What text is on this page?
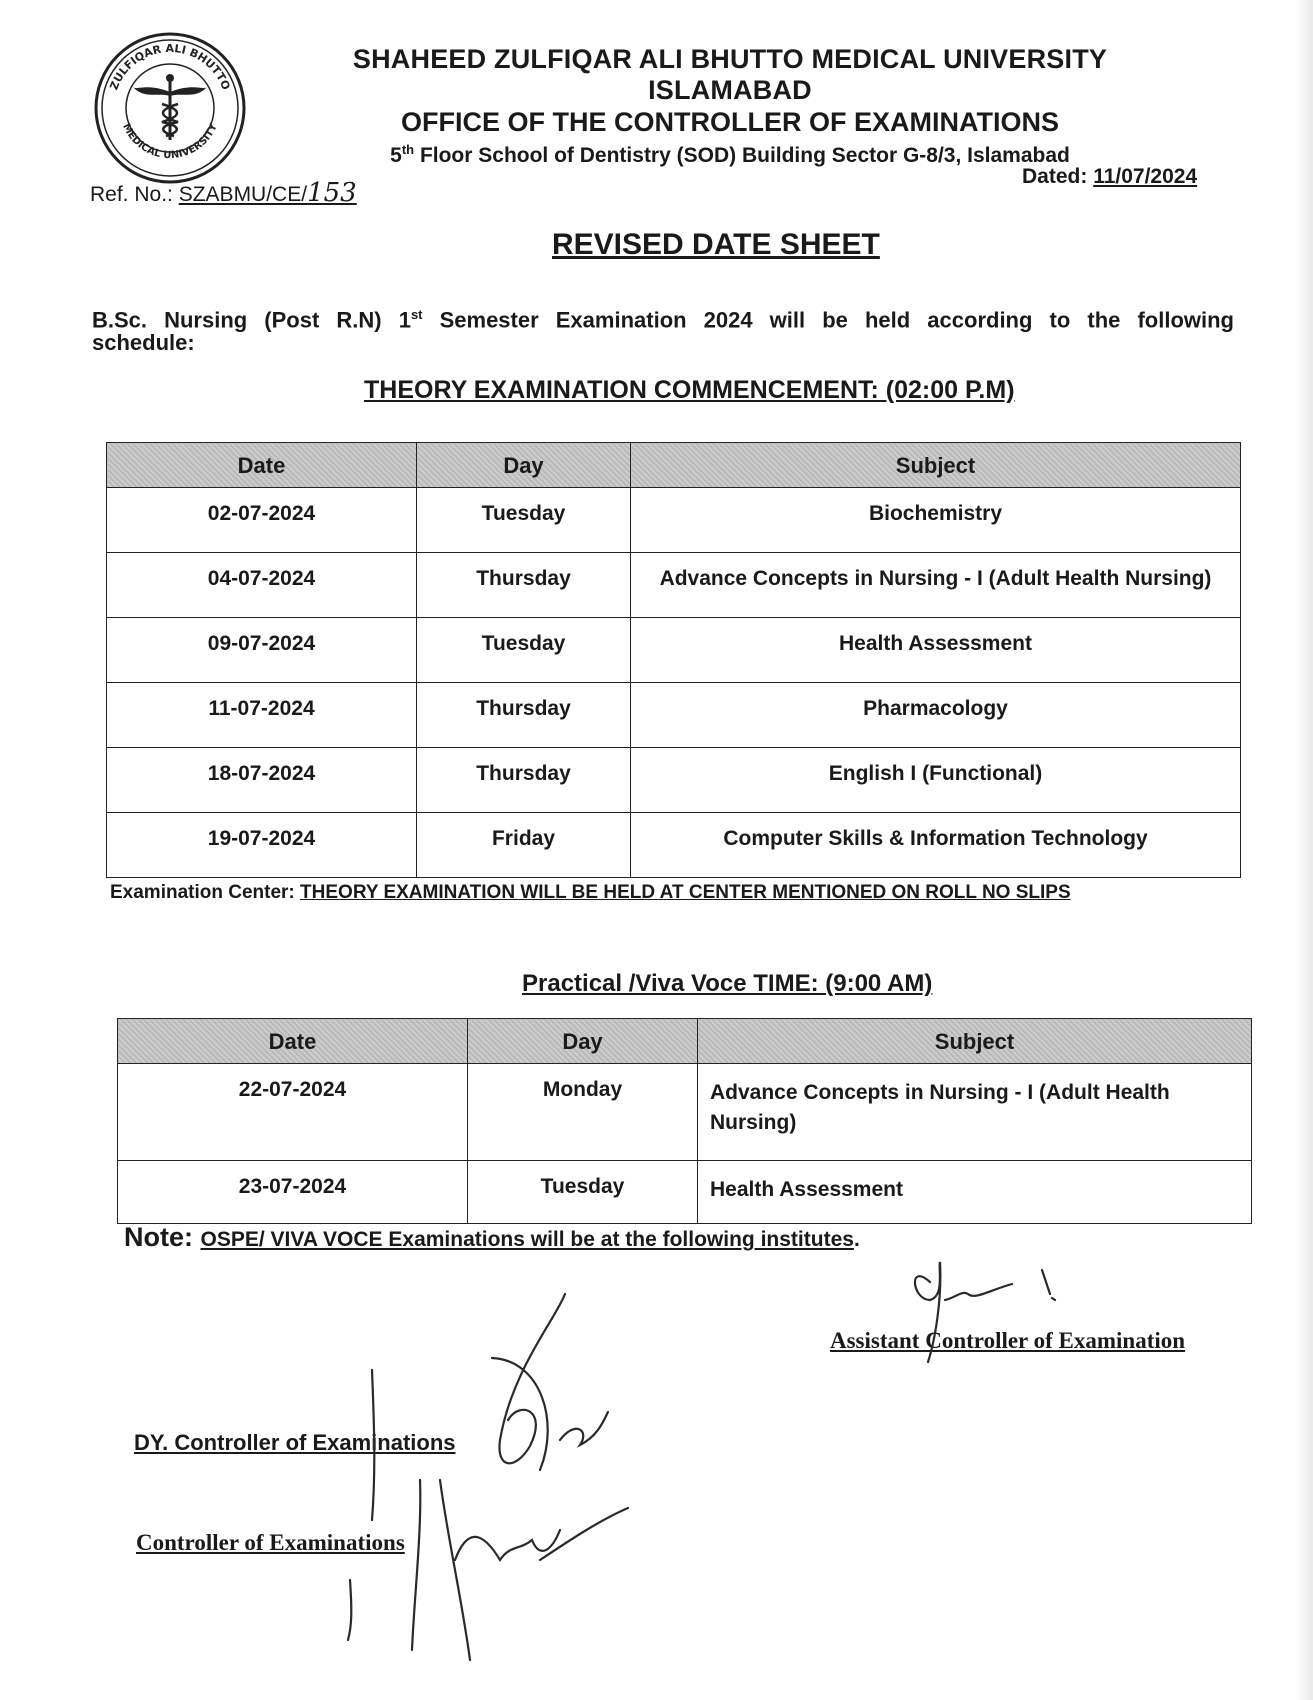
ZULFIQAR ALI BHUTTO
MEDICAL UNIVERSITY
SHAHEED ZULFIQAR ALI BHUTTO MEDICAL UNIVERSITY ISLAMABAD
OFFICE OF THE CONTROLLER OF EXAMINATIONS
5th Floor School of Dentistry (SOD) Building Sector G-8/3, Islamabad
Ref. No.: SZABMU/CE/153
Dated: 11/07/2024
REVISED DATE SHEET
B.Sc. Nursing (Post R.N) 1st Semester Examination 2024 will be held according to the following
schedule:
THEORY EXAMINATION COMMENCEMENT: (02:00 P.M)
Date	Day	Subject
02-07-2024	Tuesday	Biochemistry
04-07-2024	Thursday	Advance Concepts in Nursing - I (Adult Health Nursing)
09-07-2024	Tuesday	Health Assessment
11-07-2024	Thursday	Pharmacology
18-07-2024	Thursday	English I (Functional)
19-07-2024	Friday	Computer Skills & Information Technology
Examination Center: THEORY EXAMINATION WILL BE HELD AT CENTER MENTIONED ON ROLL NO SLIPS
Practical /Viva Voce TIME: (9:00 AM)
Date	Day	Subject
22-07-2024	Monday	Advance Concepts in Nursing - I (Adult Health Nursing)
23-07-2024	Tuesday	Health Assessment
Note: OSPE/ VIVA VOCE Examinations will be at the following institutes.
Assistant Controller of Examination
DY. Controller of Examinations
Controller of Examinations
